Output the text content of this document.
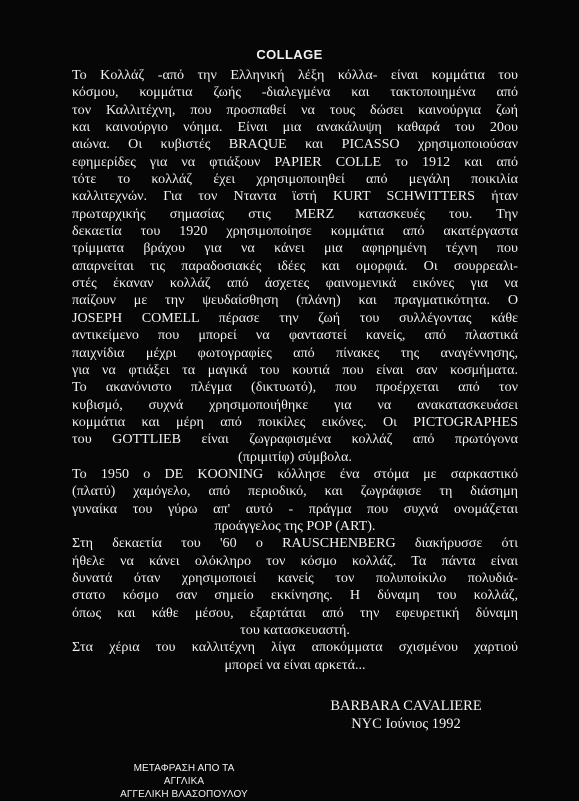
COLLAGE
Το Κολλάζ -από την Ελληνική λέξη κόλλα- είναι κομμάτια του
κόσμου, κομμάτια ζωής -διαλεγμένα και τακτοποιημένα από
τον Καλλιτέχνη, που προσπαθεί να τους δώσει καινούργια ζωή
και καινούργιο νόημα. Είναι μια ανακάλυψη καθαρά του 20ου
αιώνα. Οι κυβιστές BRAQUE και PICASSO χρησιμοποιούσαν
εφημερίδες για να φτιάξουν PAPIER COLLE το 1912 και από
τότε το κολλάζ έχει χρησιμοποιηθεί από μεγάλη ποικιλία
καλλιτεχνών. Για τον Νταντα ϊστή KURT SCHWITTERS ήταν
πρωταρχικής σημασίας στις MERZ κατασκευές του. Την
δεκαετία του 1920 χρησιμοποίησε κομμάτια από ακατέργαστα
τρίμματα βράχου για να κάνει μια αφηρημένη τέχνη που
απαρνείται τις παραδοσιακές ιδέες και ομορφιά. Οι σουρρεαλι-
στές έκαναν κολλάζ από άσχετες φαινομενικά εικόνες για να
παίζουν με την ψευδαίσθηση (πλάνη) και πραγματικότητα. Ο
JOSEPH COMELL πέρασε την ζωή του συλλέγοντας κάθε
αντικείμενο που μπορεί να φανταστεί κανείς, από πλαστικά
παιχνίδια μέχρι φωτογραφίες από πίνακες της αναγέννησης,
για να φτιάξει τα μαγικά του κουτιά που είναι σαν κοσμήματα.
Το ακανόνιστο πλέγμα (δικτυωτό), που προέρχεται από τον
κυβισμό, συχνά χρησιμοποιήθηκε για να ανακατασκευάσει
κομμάτια και μέρη από ποικίλες εικόνες. Οι PICTOGRAPHES
του GOTTLIEB είναι ζωγραφισμένα κολλάζ από πρωτόγονα
(πριμιτίφ) σύμβολα.
Το 1950 ο DE KOONING κόλλησε ένα στόμα με σαρκαστικό
(πλατύ) χαμόγελο, από περιοδικό, και ζωγράφισε τη διάσημη
γυναίκα του γύρω απ' αυτό - πράγμα που συχνά ονομάζεται
προάγγελος της POP (ART).
Στη δεκαετία του '60 ο RAUSCHENBERG διακήρυσσε ότι
ήθελε να κάνει ολόκληρο τον κόσμο κολλάζ. Τα πάντα είναι
δυνατά όταν χρησιμοποιεί κανείς τον πολυποίκιλο πολυδιά-
στατο κόσμο σαν σημείο εκκίνησης. Η δύναμη του κολλάζ,
όπως και κάθε μέσου, εξαρτάται από την εφευρετική δύναμη
του κατασκευαστή.
Στα χέρια του καλλιτέχνη λίγα αποκόμματα σχισμένου χαρτιού
μπορεί να είναι αρκετά...
BARBARA CAVALIERE
NYC Ιούνιος 1992
ΜΕΤΑΦΡΑΣΗ ΑΠΟ ΤΑ ΑΓΓΛΙΚΑ
ΑΓΓΕΛΙΚΗ ΒΛΑΣΟΠΟΥΛΟΥ
